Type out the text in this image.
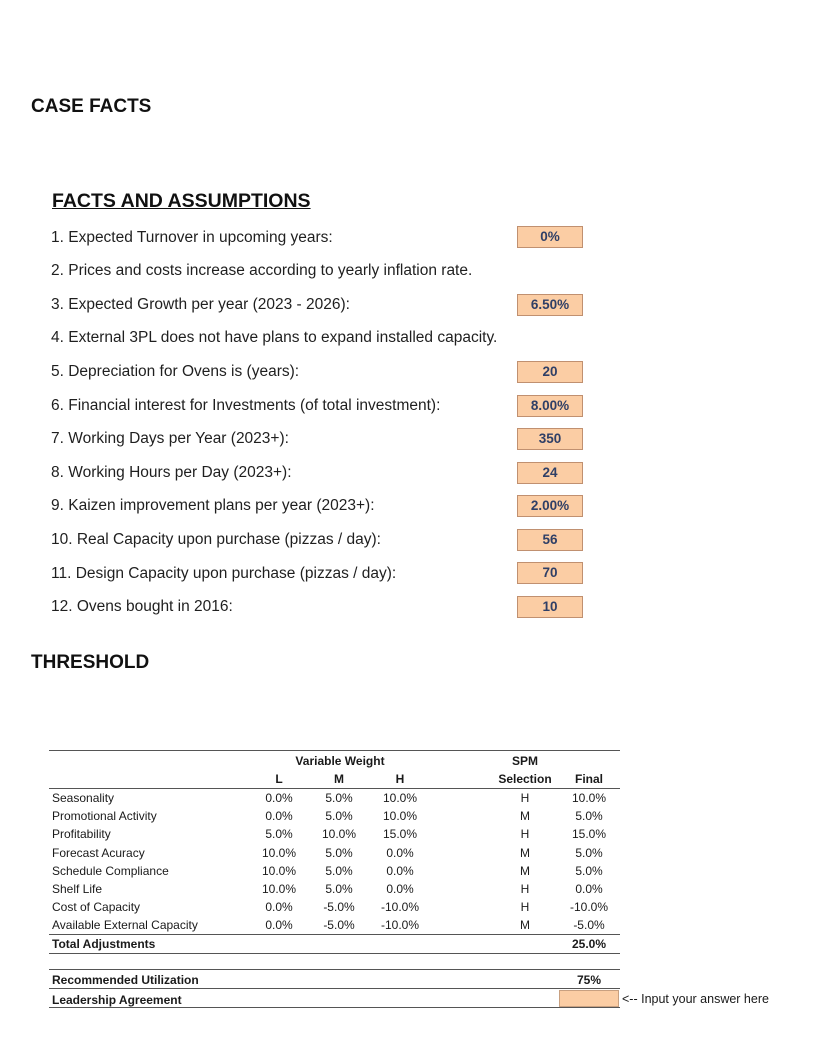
CASE FACTS
FACTS AND ASSUMPTIONS
1. Expected Turnover in upcoming years:	0%
2. Prices and costs increase according to yearly inflation rate.
3. Expected Growth per year (2023 - 2026):	6.50%
4. External 3PL does not have plans to expand installed capacity.
5. Depreciation for Ovens is (years):	20
6. Financial interest for Investments (of total investment):	8.00%
7. Working Days per Year (2023+):	350
8. Working Hours per Day (2023+):	24
9. Kaizen improvement plans per year (2023+):	2.00%
10. Real Capacity upon purchase (pizzas / day):	56
11. Design Capacity upon purchase (pizzas / day):	70
12. Ovens bought in 2016:	10
THRESHOLD
Variable Weight	SPM
L	M	H	Selection	Final
Seasonality	0.0%	5.0%	10.0%	H	10.0%
Promotional Activity	0.0%	5.0%	10.0%	M	5.0%
Profitability	5.0%	10.0%	15.0%	H	15.0%
Forecast Acuracy	10.0%	5.0%	0.0%	M	5.0%
Schedule Compliance	10.0%	5.0%	0.0%	M	5.0%
Shelf Life	10.0%	5.0%	0.0%	H	0.0%
Cost of Capacity	0.0%	-5.0%	-10.0%	H	-10.0%
Available External Capacity	0.0%	-5.0%	-10.0%	M	-5.0%
Total Adjustments	25.0%
Recommended Utilization	75%
Leadership Agreement	<-- Input your answer here
